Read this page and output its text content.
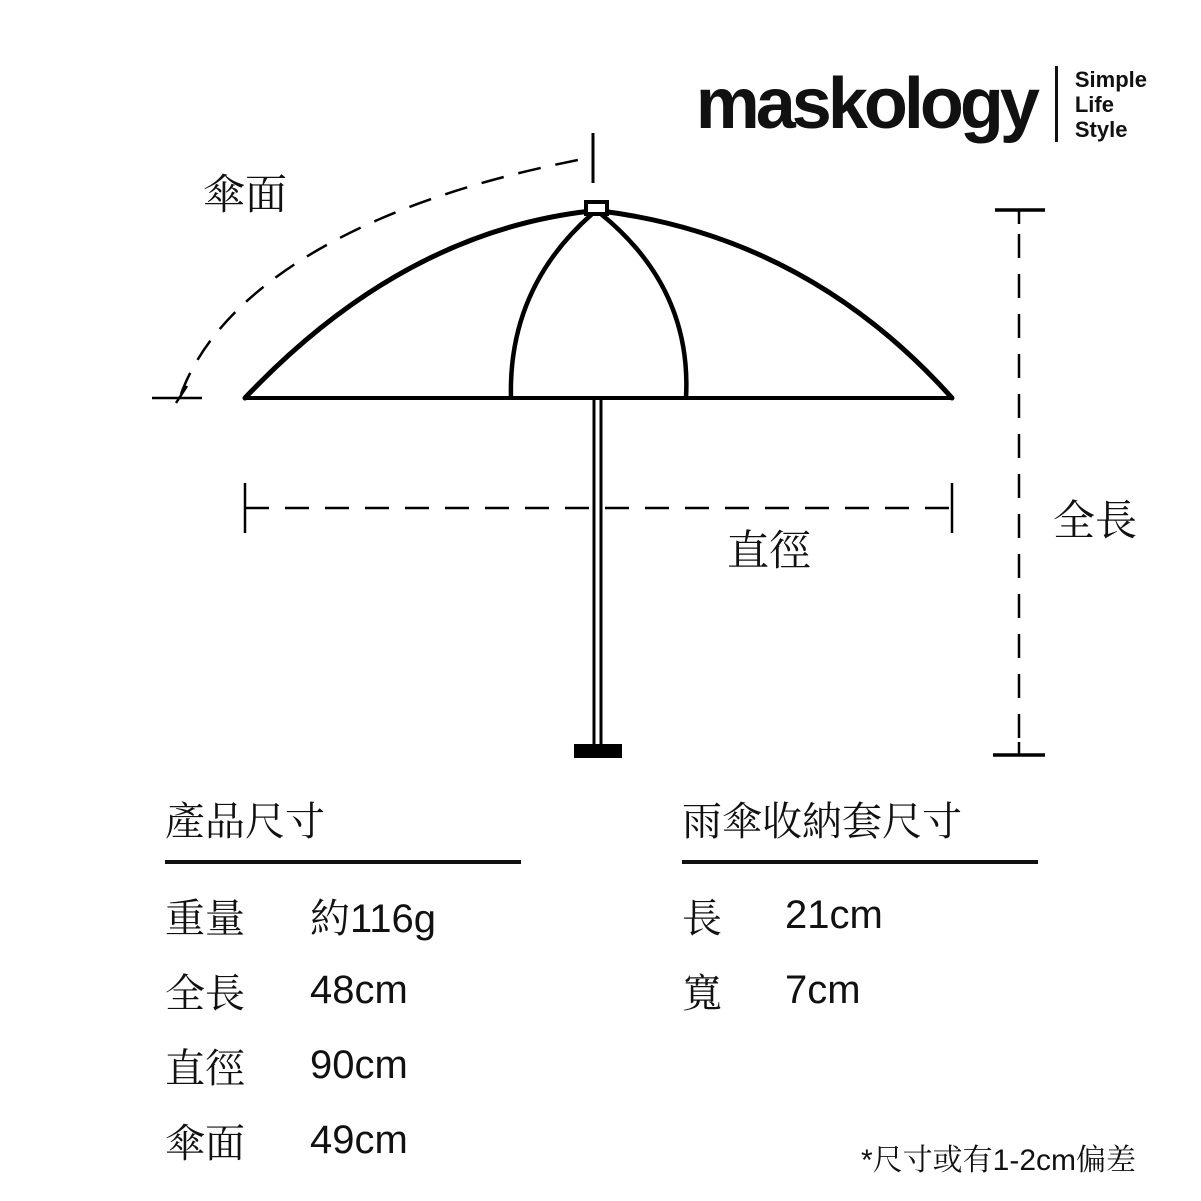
maskology Simple
Life
Style
傘面
直徑
全長
產品尺寸
重量	約116g
全長	48cm
直徑	90cm
傘面	49cm
雨傘收納套尺寸
長	21cm
寬	7cm
*尺寸或有1-2cm偏差
